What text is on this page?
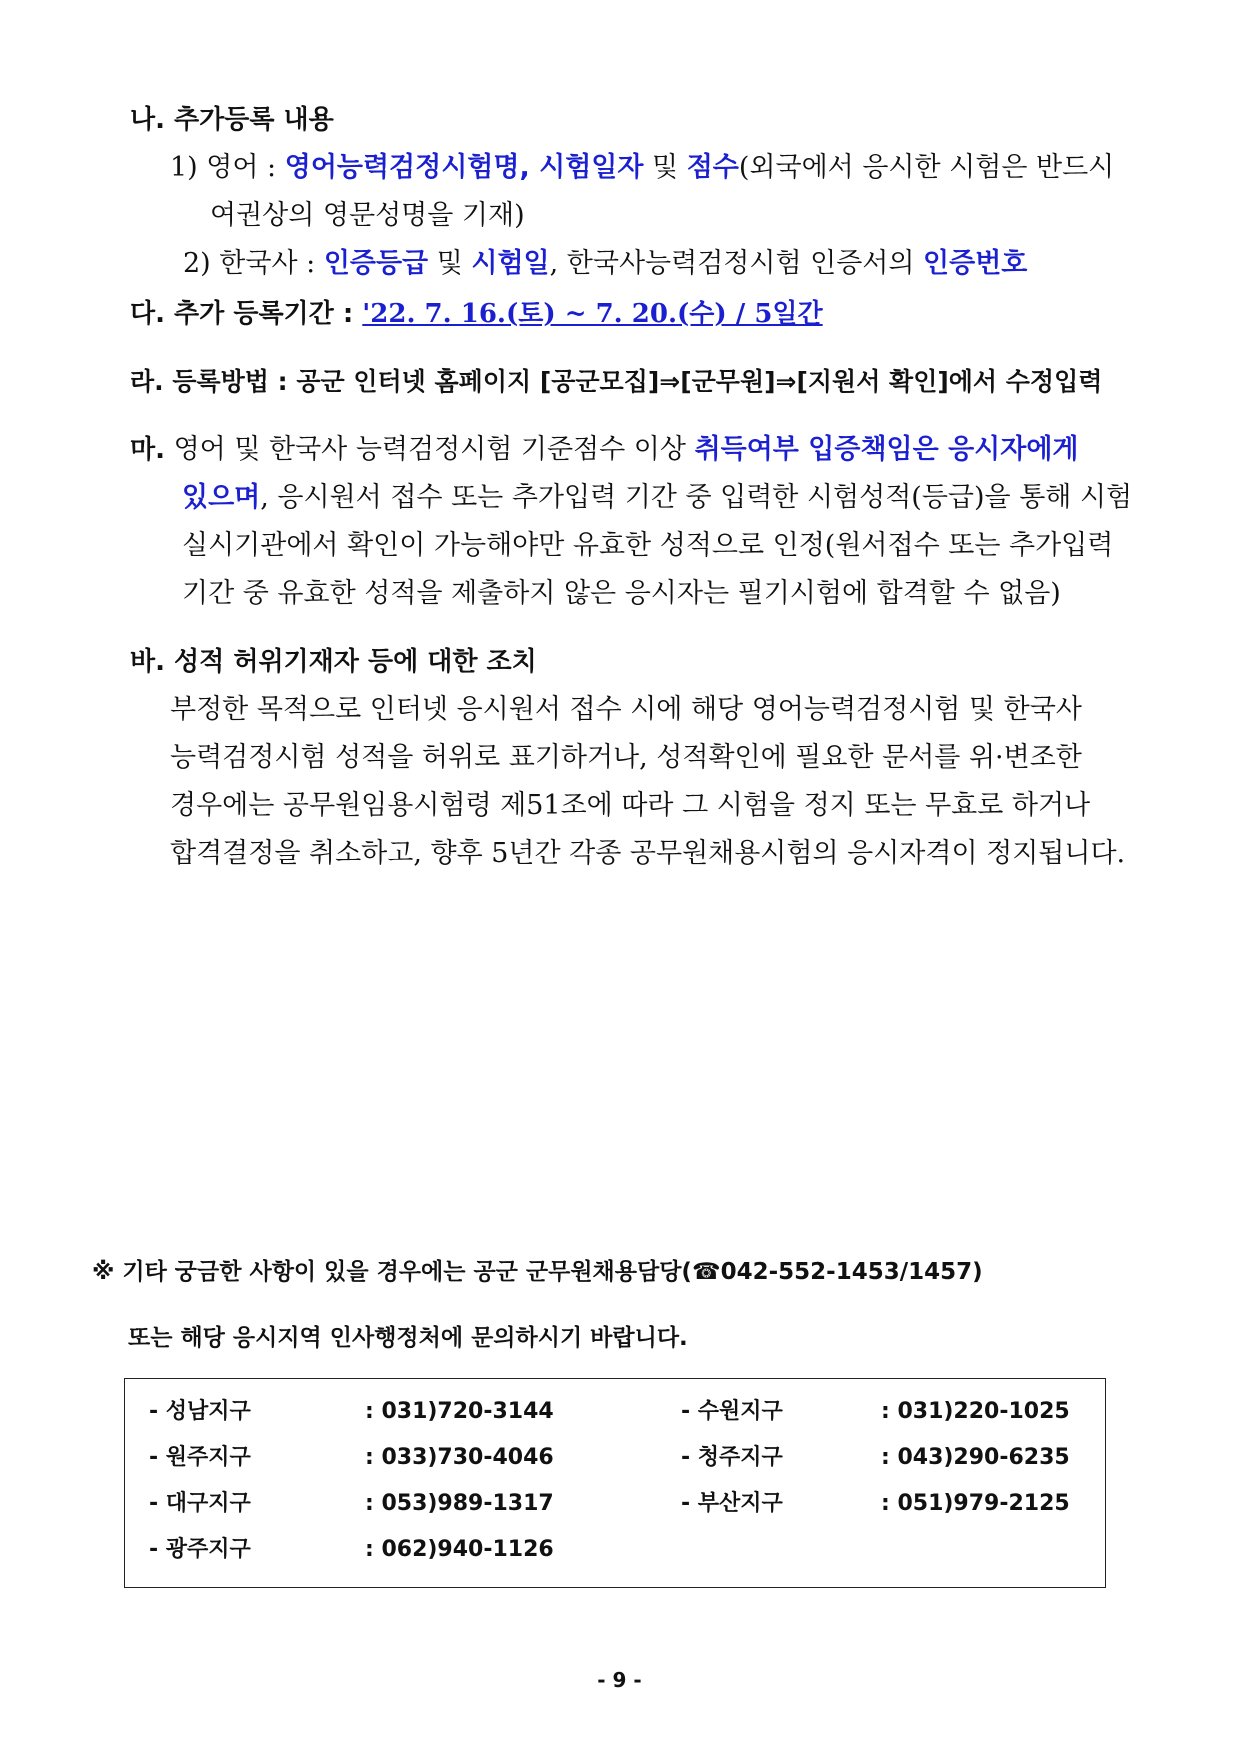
나. 추가등록 내용
1) 영어 : 영어능력검정시험명, 시험일자 및 점수(외국에서 응시한 시험은 반드시
여권상의 영문성명을 기재)
2) 한국사 : 인증등급 및 시험일, 한국사능력검정시험 인증서의 인증번호
다. 추가 등록기간 : '22. 7. 16.(토) ~ 7. 20.(수) / 5일간
라. 등록방법 : 공군 인터넷 홈페이지 [공군모집]⇒[군무원]⇒[지원서 확인]에서 수정입력
마. 영어 및 한국사 능력검정시험 기준점수 이상 취득여부 입증책임은 응시자에게
있으며, 응시원서 접수 또는 추가입력 기간 중 입력한 시험성적(등급)을 통해 시험
실시기관에서 확인이 가능해야만 유효한 성적으로 인정(원서접수 또는 추가입력
기간 중 유효한 성적을 제출하지 않은 응시자는 필기시험에 합격할 수 없음)
바. 성적 허위기재자 등에 대한 조치
부정한 목적으로 인터넷 응시원서 접수 시에 해당 영어능력검정시험 및 한국사
능력검정시험 성적을 허위로 표기하거나, 성적확인에 필요한 문서를 위·변조한
경우에는 공무원임용시험령 제51조에 따라 그 시험을 정지 또는 무효로 하거나
합격결정을 취소하고, 향후 5년간 각종 공무원채용시험의 응시자격이 정지됩니다.
※ 기타 궁금한 사항이 있을 경우에는 공군 군무원채용담당(☎042-552-1453/1457)
또는 해당 응시지역 인사행정처에 문의하시기 바랍니다.
- 성남지구	: 031)720-3144	- 수원지구	: 031)220-1025
- 원주지구	: 033)730-4046	- 청주지구	: 043)290-6235
- 대구지구	: 053)989-1317	- 부산지구	: 051)979-2125
- 광주지구	: 062)940-1126
- 9 -
